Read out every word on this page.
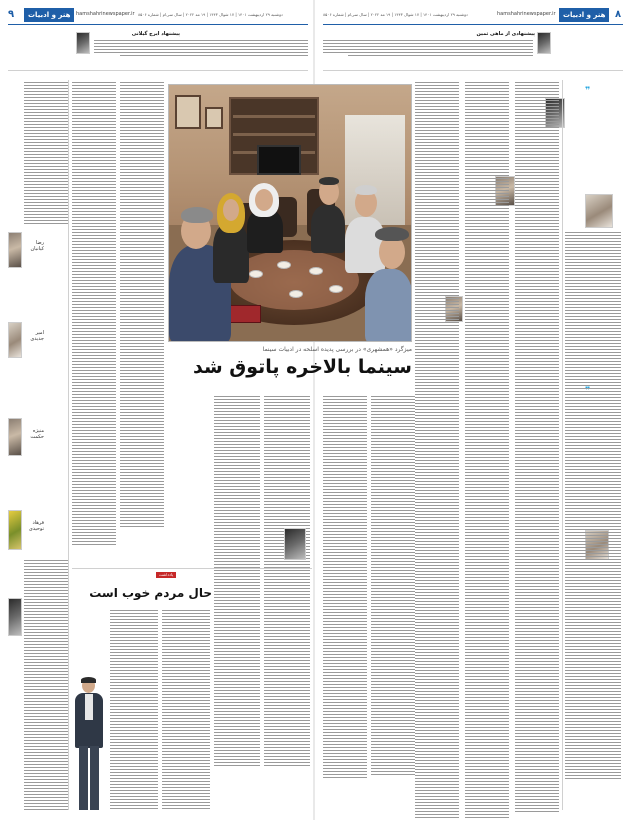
۹	هنر و ادبیات	hamshahrinewspaper.ir دوشنبه ۲۹ اردیبهشت ۱۴۰۱ | ۱۷ شوال ۱۴۴۳ | ۱۹ مه ۲۰۲۲ | سال سی‌ام | شماره ۸۵۰۶
پیشنهاد ایرج گیلانی
رضا کیانیان
امیر جدیدی
منیژه حکمت
فرهاد توحیدی
یادداشت
حال مردم خوب است
دوشنبه ۲۹ اردیبهشت ۱۴۰۱ | ۱۷ شوال ۱۴۴۳ | ۱۹ مه ۲۰۲۲ | سال سی‌ام | شماره ۸۵۰۶	hamshahrinewspaper.ir	هنر و ادبیات ۸
پیشنهادی از ماهی ثمین
❞
میزگرد «همشهری» در بررسی پدیده اسلحه در ادبیات سینما
سینما بالاخره پاتوق شد
